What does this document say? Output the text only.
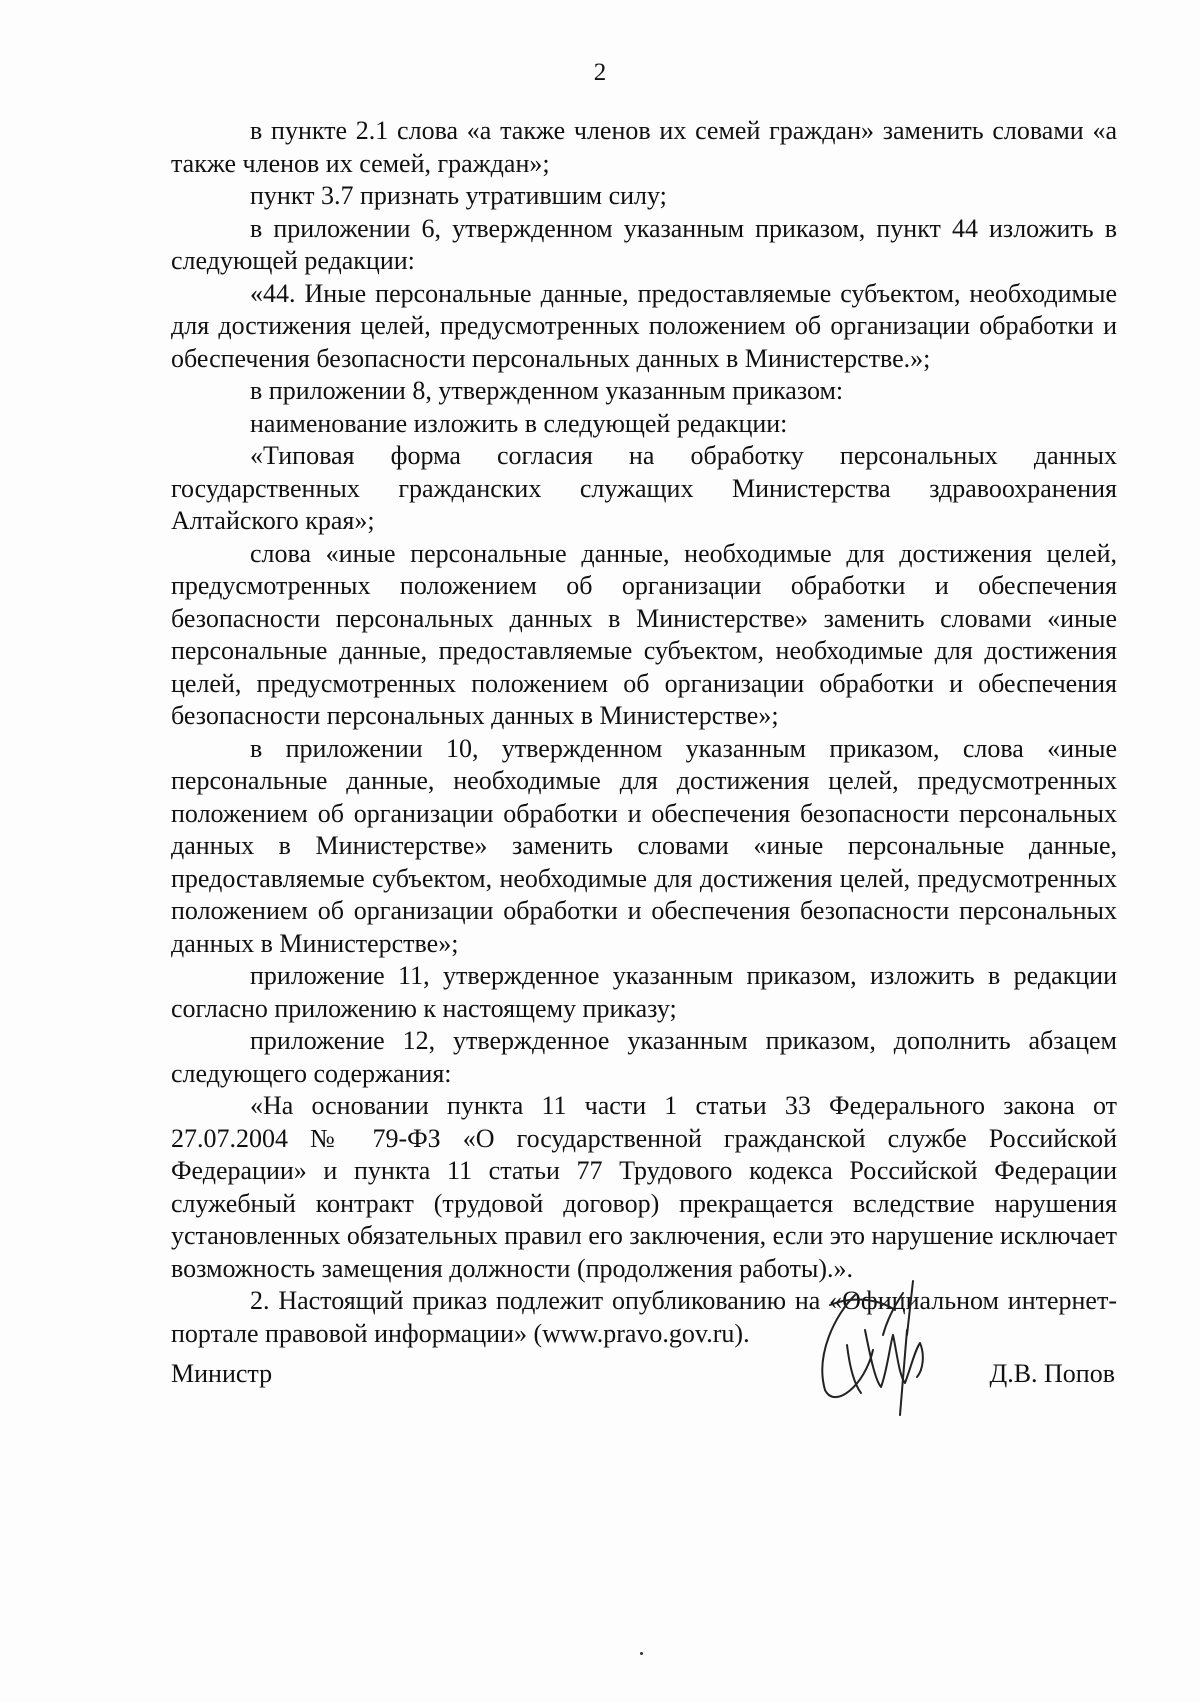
2

в пункте 2.1 слова «а также членов их семей граждан» заменить словами «а также членов их семей, граждан»;

пункт 3.7 признать утратившим силу;

в приложении 6, утвержденном указанным приказом, пункт 44 изложить в следующей редакции:

«44. Иные персональные данные, предоставляемые субъектом, необходимые для достижения целей, предусмотренных положением об организации обработки и обеспечения безопасности персональных данных в Министерстве.»;

в приложении 8, утвержденном указанным приказом:

наименование изложить в следующей редакции:

«Типовая форма согласия на обработку персональных данных государственных гражданских служащих Министерства здравоохранения Алтайского края»;

слова «иные персональные данные, необходимые для достижения целей, предусмотренных положением об организации обработки и обеспечения безопасности персональных данных в Министерстве» заменить словами «иные персональные данные, предоставляемые субъектом, необходимые для достижения целей, предусмотренных положением об организации обработки и обеспечения безопасности персональных данных в Министерстве»;

в приложении 10, утвержденном указанным приказом, слова «иные персональные данные, необходимые для достижения целей, предусмотренных положением об организации обработки и обеспечения безопасности персональных данных в Министерстве» заменить словами «иные персональные данные, предоставляемые субъектом, необходимые для достижения целей, предусмотренных положением об организации обработки и обеспечения безопасности персональных данных в Министерстве»;

приложение 11, утвержденное указанным приказом, изложить в редакции согласно приложению к настоящему приказу;

приложение 12, утвержденное указанным приказом, дополнить абзацем следующего содержания:

«На основании пункта 11 части 1 статьи 33 Федерального закона от 27.07.2004 № 79-ФЗ «О государственной гражданской службе Российской Федерации» и пункта 11 статьи 77 Трудового кодекса Российской Федерации служебный контракт (трудовой договор) прекращается вследствие нарушения установленных обязательных правил его заключения, если это нарушение исключает возможность замещения должности (продолжения работы).».

2. Настоящий приказ подлежит опубликованию на «Официальном интернет-портале правовой информации» (www.pravo.gov.ru).

Министр	Д.В. Попов
